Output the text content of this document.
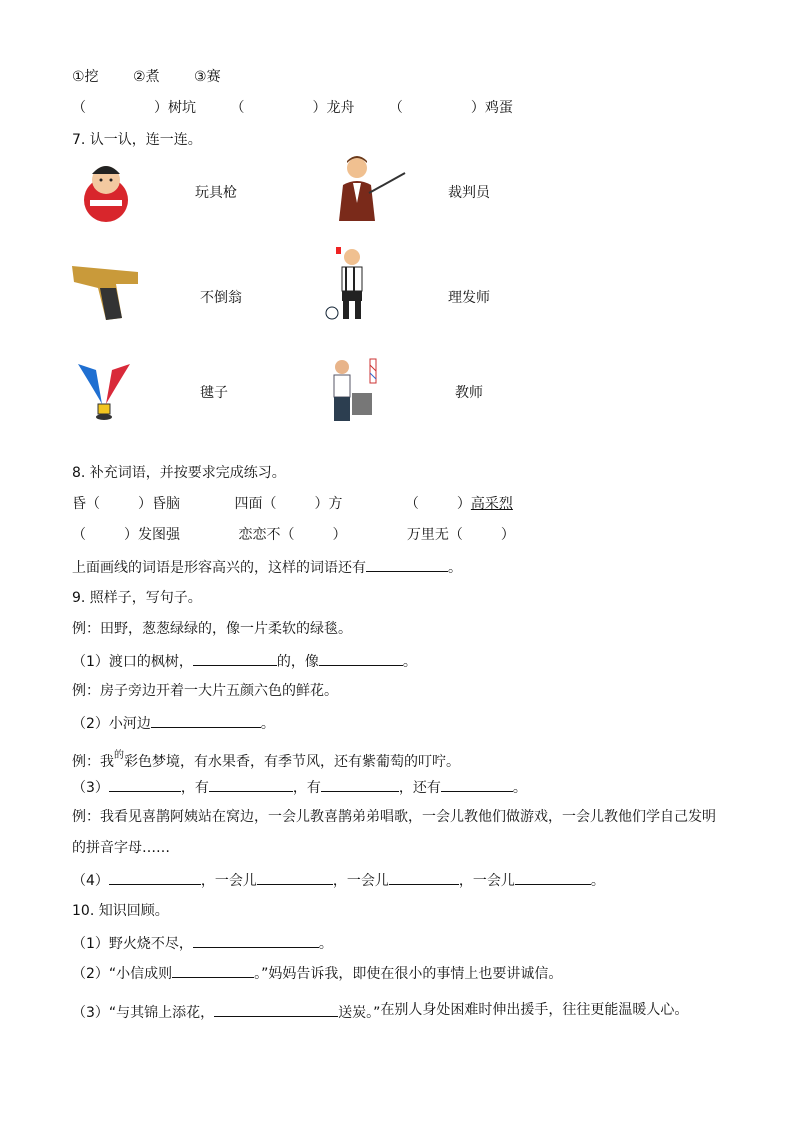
①挖 ②煮 ③赛
（	）树坑 （	）龙舟 （	）鸡蛋
7. 认一认，连一连。
玩具枪	裁判员
不倒翁	理发师
毽子	教师
8. 补充词语，并按要求完成练习。
昏（	）昏脑	四面（	）方	（	）高采烈
（	）发图强	恋恋不（	）	万里无（	）
上面画线的词语是形容高兴的，这样的词语还有	。
9. 照样子，写句子。
例：田野，葱葱绿绿的，像一片柔软的绿毯。
（1）渡口的枫树，	的，像	。
例：房子旁边开着一大片五颜六色的鲜花。
（2）小河边	。
例：我$^的$彩色梦境，有水果香，有季节风，还有紫葡萄的叮咛。
（3）	，有	，有	，还有	。
例：我看见喜鹊阿姨站在窝边，一会儿教喜鹊弟弟唱歌，一会儿教他们做游戏，一会儿教他们学自己发明
的拼音字母……
（4）	，一会儿	，一会儿	，一会儿	。
10. 知识回顾。
（1）野火烧不尽，	。
（2）“小信成则	。”妈妈告诉我，即使在很小的事情上也要讲诚信。
（3）“与其锦上添花，	送炭。”在别人身处困难时伸出援手，往往更能温暖人心。
